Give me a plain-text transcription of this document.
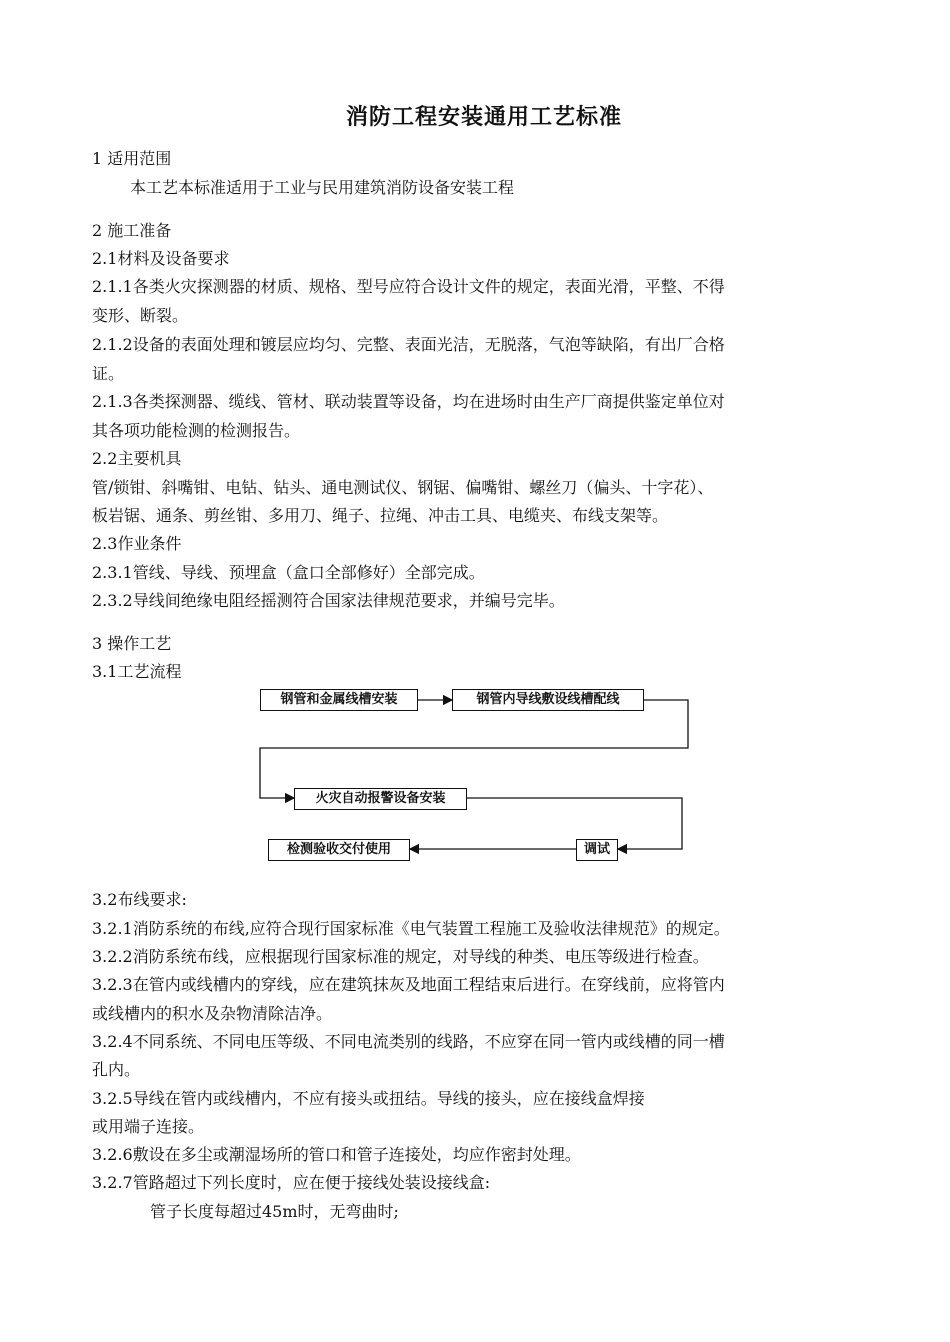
消防工程安装通用工艺标准
1 适用范围
本工艺本标准适用于工业与民用建筑消防设备安装工程
2 施工准备
2.1材料及设备要求
2.1.1各类火灾探测器的材质、规格、型号应符合设计文件的规定，表面光滑，平整、不得
变形、断裂。
2.1.2设备的表面处理和镀层应均匀、完整、表面光洁，无脱落，气泡等缺陷，有出厂合格
证。
2.1.3各类探测器、缆线、管材、联动装置等设备，均在进场时由生产厂商提供鉴定单位对
其各项功能检测的检测报告。
2.2主要机具
管/锁钳、斜嘴钳、电钻、钻头、通电测试仪、钢锯、偏嘴钳、螺丝刀（偏头、十字花）、
板岩锯、通条、剪丝钳、多用刀、绳子、拉绳、冲击工具、电缆夹、布线支架等。
2.3作业条件
2.3.1管线、导线、预埋盒（盒口全部修好）全部完成。
2.3.2导线间绝缘电阻经摇测符合国家法律规范要求，并编号完毕。
3 操作工艺
3.1工艺流程
钢管和金属线槽安装	钢管内导线敷设线槽配线
火灾自动报警设备安装
调试
检测验收交付使用
3.2布线要求:
3.2.1消防系统的布线,应符合现行国家标准《电气装置工程施工及验收法律规范》的规定。
3.2.2消防系统布线，应根据现行国家标准的规定，对导线的种类、电压等级进行检查。
3.2.3在管内或线槽内的穿线，应在建筑抹灰及地面工程结束后进行。在穿线前，应将管内
或线槽内的积水及杂物清除洁净。
3.2.4不同系统、不同电压等级、不同电流类别的线路，不应穿在同一管内或线槽的同一槽
孔内。
3.2.5导线在管内或线槽内，不应有接头或扭结。导线的接头，应在接线盒焊接
或用端子连接。
3.2.6敷设在多尘或潮湿场所的管口和管子连接处，均应作密封处理。
3.2.7管路超过下列长度时，应在便于接线处装设接线盒:
管子长度每超过45m时，无弯曲时;
